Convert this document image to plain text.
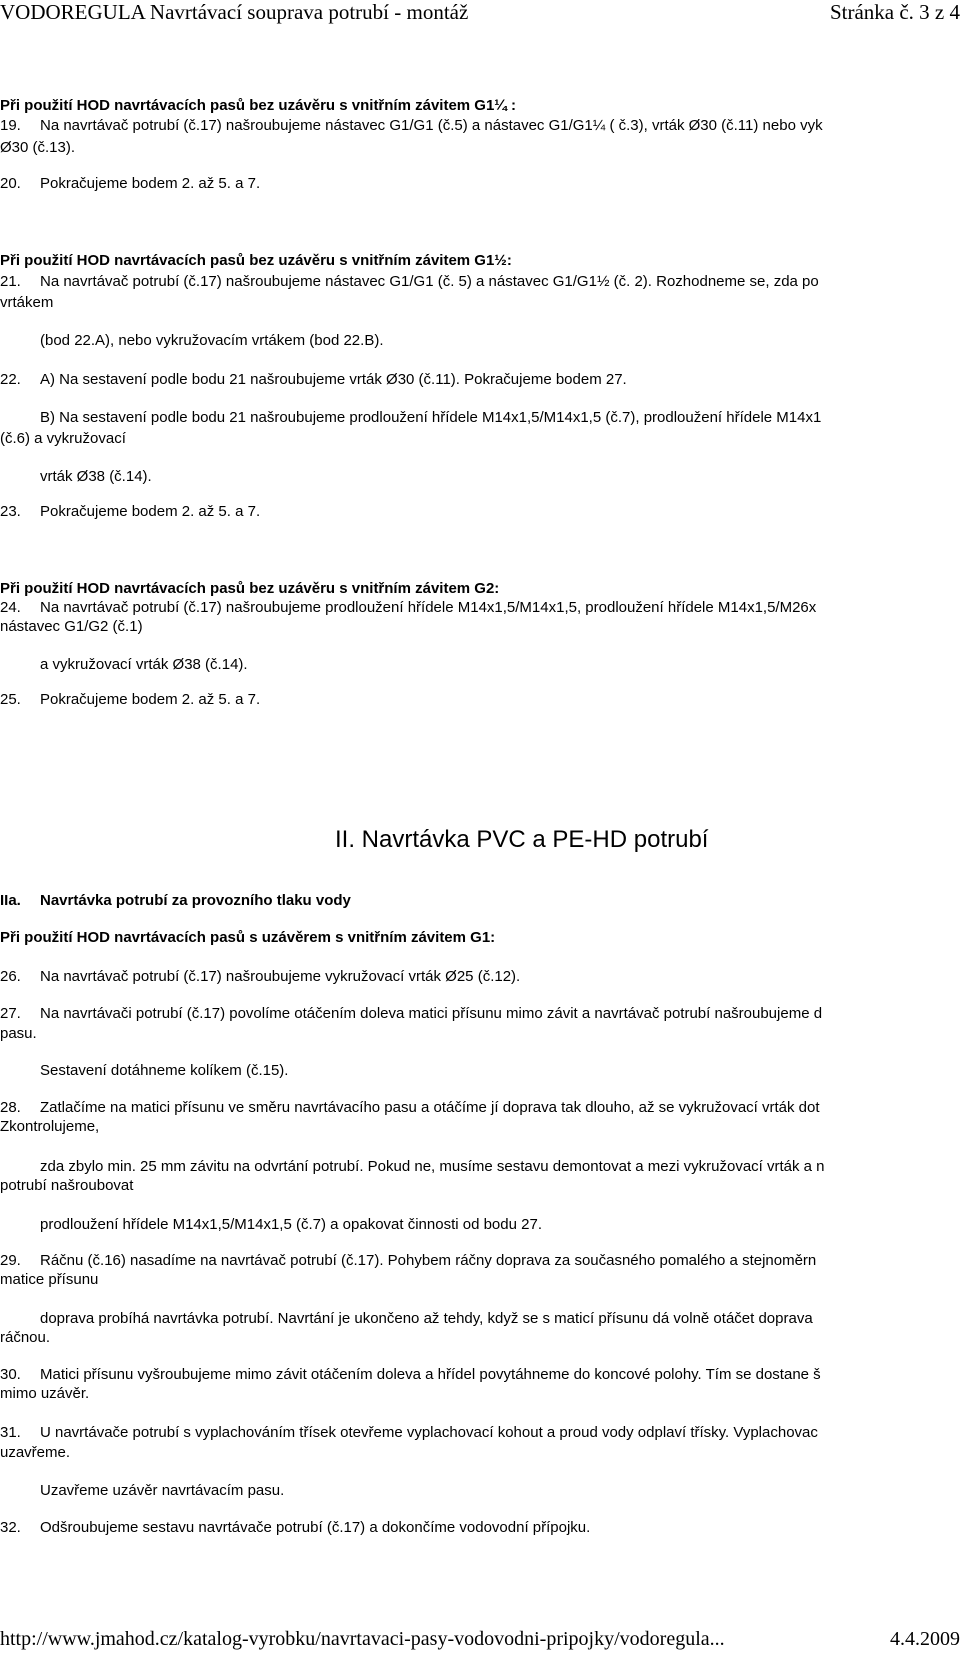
VODOREGULA Navrtávací souprava potrubí - montáž	Stránka č. 3 z 4
Při použití HOD navrtávacích pasů bez uzávěru s vnitřním závitem G1¼ :
19. Na navrtávač potrubí (č.17) našroubujeme nástavec G1/G1 (č.5) a nástavec G1/G1¼ ( č.3), vrták Ø30 (č.11) nebo vyk
Ø30 (č.13).
20. Pokračujeme bodem 2. až 5. a 7.
Při použití HOD navrtávacích pasů bez uzávěru s vnitřním závitem G1½:
21. Na navrtávač potrubí (č.17) našroubujeme nástavec G1/G1 (č. 5) a nástavec G1/G1½ (č. 2). Rozhodneme se, zda po
vrtákem
(bod 22.A), nebo vykružovacím vrtákem (bod 22.B).
22. A) Na sestavení podle bodu 21 našroubujeme vrták Ø30 (č.11). Pokračujeme bodem 27.
B) Na sestavení podle bodu 21 našroubujeme prodloužení hřídele M14x1,5/M14x1,5 (č.7), prodloužení hřídele M14x1
(č.6) a vykružovací
vrták Ø38 (č.14).
23. Pokračujeme bodem 2. až 5. a 7.
Při použití HOD navrtávacích pasů bez uzávěru s vnitřním závitem G2:
24. Na navrtávač potrubí (č.17) našroubujeme prodloužení hřídele M14x1,5/M14x1,5, prodloužení hřídele M14x1,5/M26x
nástavec G1/G2 (č.1)
a vykružovací vrták Ø38 (č.14).
25. Pokračujeme bodem 2. až 5. a 7.
II. Navrtávka PVC a PE-HD potrubí
IIa. Navrtávka potrubí za provozního tlaku vody
Při použití HOD navrtávacích pasů s uzávěrem s vnitřním závitem G1:
26. Na navrtávač potrubí (č.17) našroubujeme vykružovací vrták Ø25 (č.12).
27. Na navrtávači potrubí (č.17) povolíme otáčením doleva matici přísunu mimo závit a navrtávač potrubí našroubujeme d
pasu.
Sestavení dotáhneme kolíkem (č.15).
28. Zatlačíme na matici přísunu ve směru navrtávacího pasu a otáčíme jí doprava tak dlouho, až se vykružovací vrták dot
Zkontrolujeme,
zda zbylo min. 25 mm závitu na odvrtání potrubí. Pokud ne, musíme sestavu demontovat a mezi vykružovací vrták a n
potrubí našroubovat
prodloužení hřídele M14x1,5/M14x1,5 (č.7) a opakovat činnosti od bodu 27.
29. Ráčnu (č.16) nasadíme na navrtávač potrubí (č.17). Pohybem ráčny doprava za současného pomalého a stejnoměrn
matice přísunu
doprava probíhá navrtávka potrubí. Navrtání je ukončeno až tehdy, když se s maticí přísunu dá volně otáčet doprava
ráčnou.
30. Matici přísunu vyšroubujeme mimo závit otáčením doleva a hřídel povytáhneme do koncové polohy. Tím se dostane š
mimo uzávěr.
31. U navrtávače potrubí s vyplachováním třísek otevřeme vyplachovací kohout a proud vody odplaví třísky. Vyplachovac
uzavřeme.
Uzavřeme uzávěr navrtávacím pasu.
32. Odšroubujeme sestavu navrtávače potrubí (č.17) a dokončíme vodovodní přípojku.
http://www.jmahod.cz/katalog-vyrobku/navrtavaci-pasy-vodovodni-pripojky/vodoregula...	4.4.2009
